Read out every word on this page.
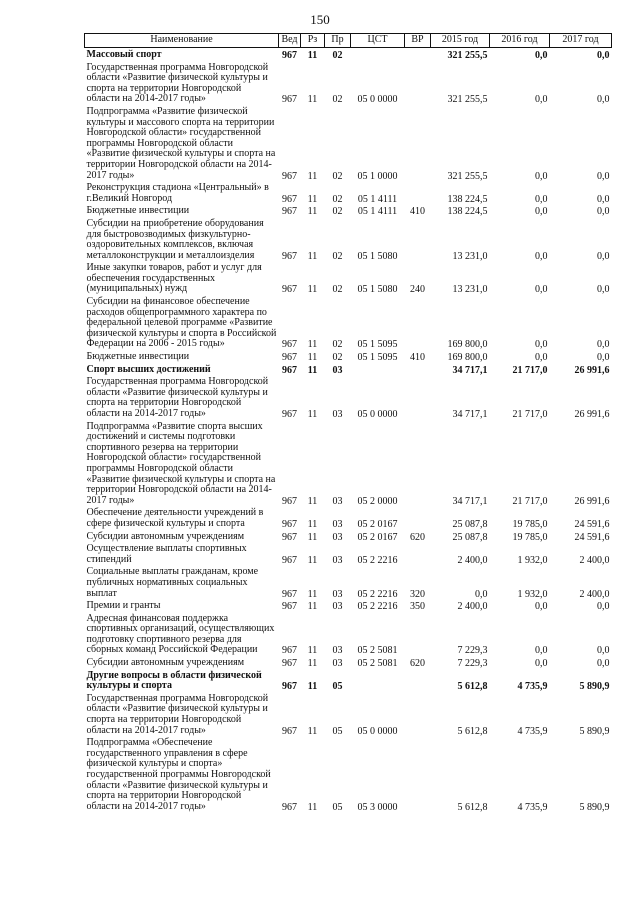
150
Наименование	Вед	Рз	Пр	ЦСТ	ВР	2015 год	2016 год	2017 год
Массовый спорт	967	11	02			321 255,5	0,0	0,0
Государственная программа Новгородской области «Развитие физической культуры и спорта на территории Новгородской области на 2014-2017 годы»	967	11	02	05 0 0000		321 255,5	0,0	0,0
Подпрограмма «Развитие физической культуры и массового спорта на территории Новгородской области» государственной программы Новгородской области «Развитие физической культуры и спорта на территории Новгородской области на 2014-2017 годы»	967	11	02	05 1 0000		321 255,5	0,0	0,0
Реконструкция стадиона «Центральный» в г.Великий Новгород	967	11	02	05 1 4111		138 224,5	0,0	0,0
Бюджетные инвестиции	967	11	02	05 1 4111	410	138 224,5	0,0	0,0
Субсидии на приобретение оборудования для быстровозводимых физкультурно-оздоровительных комплексов, включая металлоконструкции и металлоизделия	967	11	02	05 1 5080		13 231,0	0,0	0,0
Иные закупки товаров, работ и услуг для обеспечения государственных (муниципальных) нужд	967	11	02	05 1 5080	240	13 231,0	0,0	0,0
Субсидии на финансовое обеспечение расходов общепрограммного характера по федеральной целевой программе «Развитие физической культуры и спорта в Российской Федерации на 2006 - 2015 годы»	967	11	02	05 1 5095		169 800,0	0,0	0,0
Бюджетные инвестиции	967	11	02	05 1 5095	410	169 800,0	0,0	0,0
Спорт высших достижений	967	11	03			34 717,1	21 717,0	26 991,6
Государственная программа Новгородской области «Развитие физической культуры и спорта на территории Новгородской области на 2014-2017 годы»	967	11	03	05 0 0000		34 717,1	21 717,0	26 991,6
Подпрограмма «Развитие спорта высших достижений и системы подготовки спортивного резерва на территории Новгородской области» государственной программы Новгородской области «Развитие физической культуры и спорта на территории Новгородской области на 2014-2017 годы»	967	11	03	05 2 0000		34 717,1	21 717,0	26 991,6
Обеспечение деятельности учреждений в сфере физической культуры и спорта	967	11	03	05 2 0167		25 087,8	19 785,0	24 591,6
Субсидии автономным учреждениям	967	11	03	05 2 0167	620	25 087,8	19 785,0	24 591,6
Осуществление выплаты спортивных стипендий	967	11	03	05 2 2216		2 400,0	1 932,0	2 400,0
Социальные выплаты гражданам, кроме публичных нормативных социальных выплат	967	11	03	05 2 2216	320	0,0	1 932,0	2 400,0
Премии и гранты	967	11	03	05 2 2216	350	2 400,0	0,0	0,0
Адресная финансовая поддержка спортивных организаций, осуществляющих подготовку спортивного резерва для сборных команд Российской Федерации	967	11	03	05 2 5081		7 229,3	0,0	0,0
Субсидии автономным учреждениям	967	11	03	05 2 5081	620	7 229,3	0,0	0,0
Другие вопросы в области физической культуры и спорта	967	11	05			5 612,8	4 735,9	5 890,9
Государственная программа Новгородской области «Развитие физической культуры и спорта на территории Новгородской области на 2014-2017 годы»	967	11	05	05 0 0000		5 612,8	4 735,9	5 890,9
Подпрограмма «Обеспечение государственного управления в сфере физической культуры и спорта» государственной программы Новгородской области «Развитие физической культуры и спорта на территории Новгородской области на 2014-2017 годы»	967	11	05	05 3 0000		5 612,8	4 735,9	5 890,9
